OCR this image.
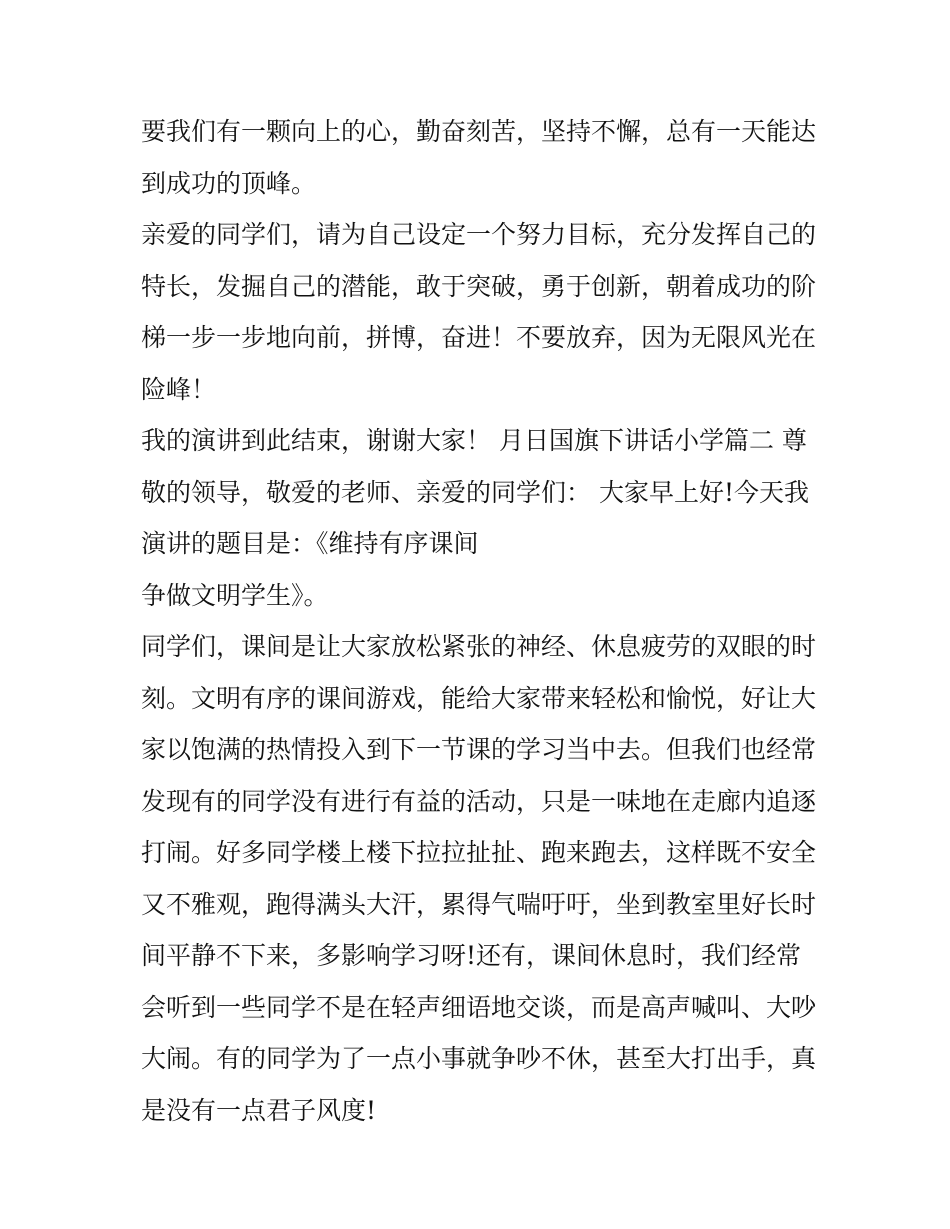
要我们有一颗向上的心，勤奋刻苦，坚持不懈，总有一天能达
到成功的顶峰。
亲爱的同学们，请为自己设定一个努力目标，充分发挥自己的
特长，发掘自己的潜能，敢于突破，勇于创新，朝着成功的阶
梯一步一步地向前，拼博，奋进！不要放弃，因为无限风光在
险峰！
我的演讲到此结束，谢谢大家！ 月日国旗下讲话小学篇二 尊
敬的领导，敬爱的老师、亲爱的同学们： 大家早上好!今天我
演讲的题目是：《维持有序课间
争做文明学生》。
同学们，课间是让大家放松紧张的神经、休息疲劳的双眼的时
刻。文明有序的课间游戏，能给大家带来轻松和愉悦，好让大
家以饱满的热情投入到下一节课的学习当中去。但我们也经常
发现有的同学没有进行有益的活动，只是一味地在走廊内追逐
打闹。好多同学楼上楼下拉拉扯扯、跑来跑去，这样既不安全
又不雅观，跑得满头大汗，累得气喘吁吁，坐到教室里好长时
间平静不下来，多影响学习呀!还有，课间休息时，我们经常
会听到一些同学不是在轻声细语地交谈，而是高声喊叫、大吵
大闹。有的同学为了一点小事就争吵不休，甚至大打出手，真
是没有一点君子风度!
